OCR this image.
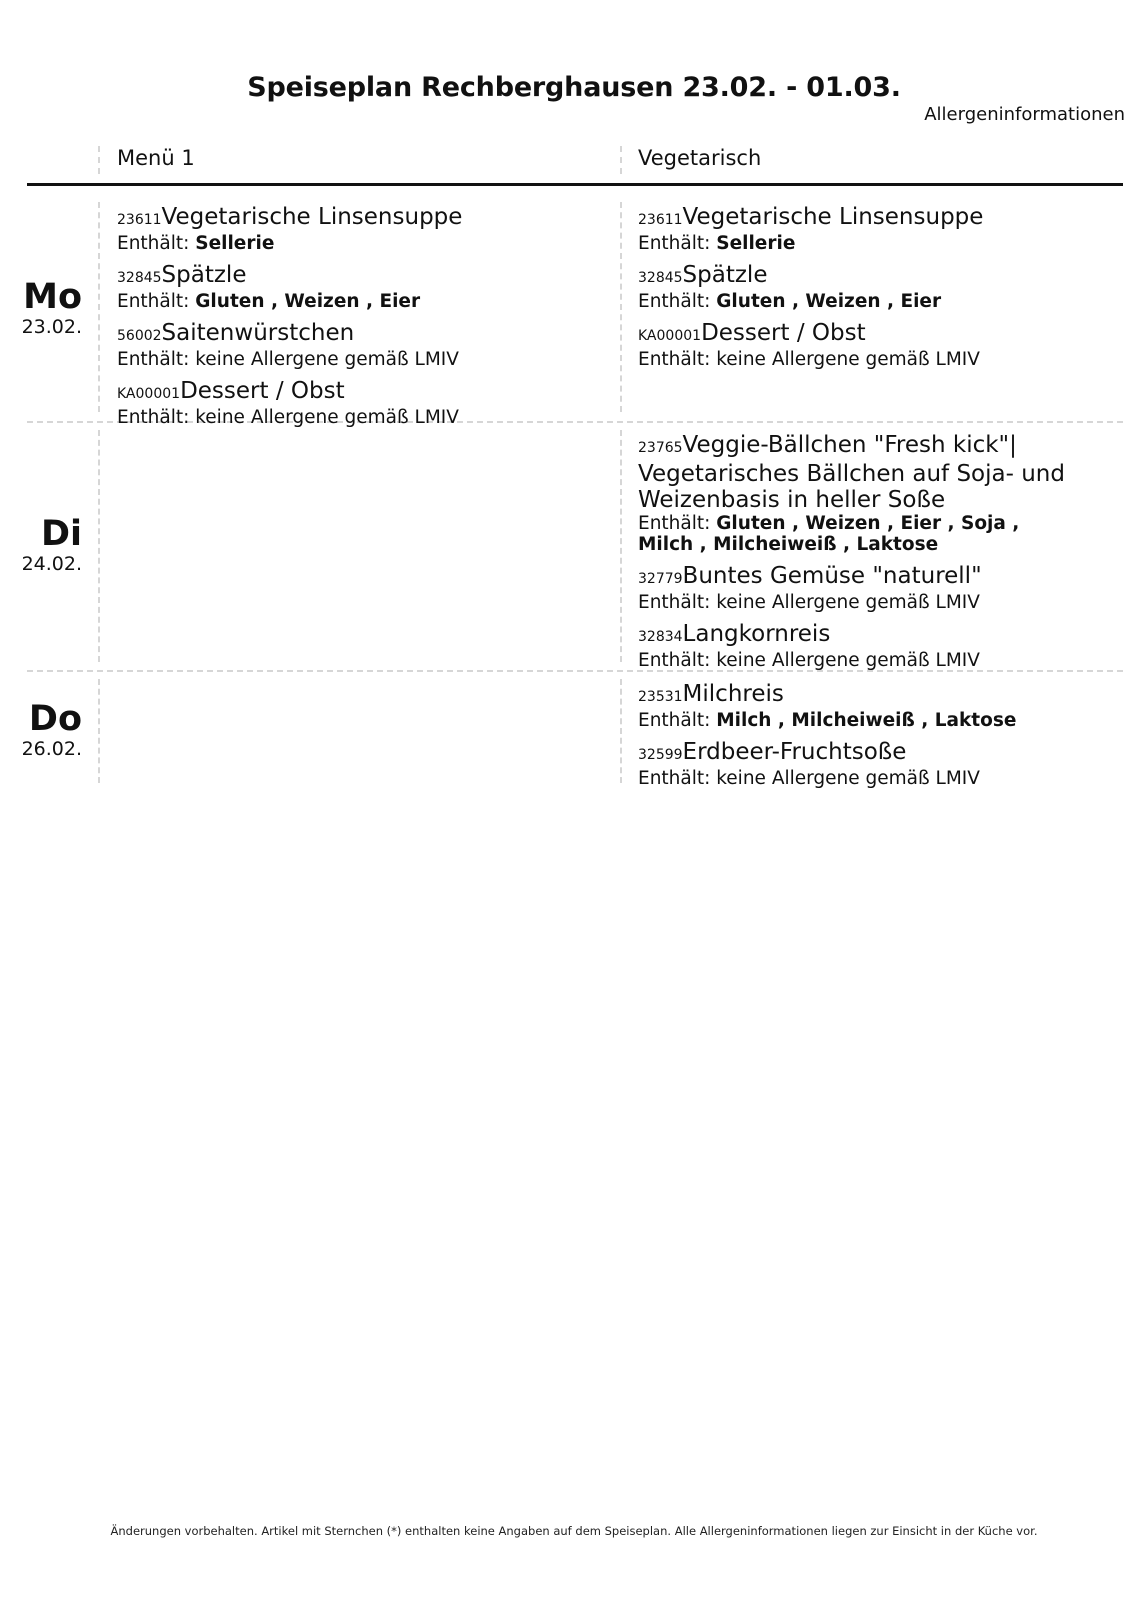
Speiseplan Rechberghausen 23.02. - 01.03.
Allergeninformationen
Menü 1	Vegetarisch
Mo
23.02.
Di
24.02.
Do
26.02.
23611Vegetarische Linsensuppe
Enthält: Sellerie
32845Spätzle
Enthält: Gluten , Weizen , Eier
56002Saitenwürstchen
Enthält: keine Allergene gemäß LMIV
KA00001Dessert / Obst
Enthält: keine Allergene gemäß LMIV
23611Vegetarische Linsensuppe
Enthält: Sellerie
32845Spätzle
Enthält: Gluten , Weizen , Eier
KA00001Dessert / Obst
Enthält: keine Allergene gemäß LMIV
23765Veggie-Bällchen "Fresh kick"| Vegetarisches Bällchen auf Soja- und Weizenbasis in heller Soße
Enthält: Gluten , Weizen , Eier , Soja , Milch , Milcheiweiß , Laktose
32779Buntes Gemüse "naturell"
Enthält: keine Allergene gemäß LMIV
32834Langkornreis
Enthält: keine Allergene gemäß LMIV
23531Milchreis
Enthält: Milch , Milcheiweiß , Laktose
32599Erdbeer-Fruchtsoße
Enthält: keine Allergene gemäß LMIV
Änderungen vorbehalten. Artikel mit Sternchen (*) enthalten keine Angaben auf dem Speiseplan. Alle Allergeninformationen liegen zur Einsicht in der Küche vor.
